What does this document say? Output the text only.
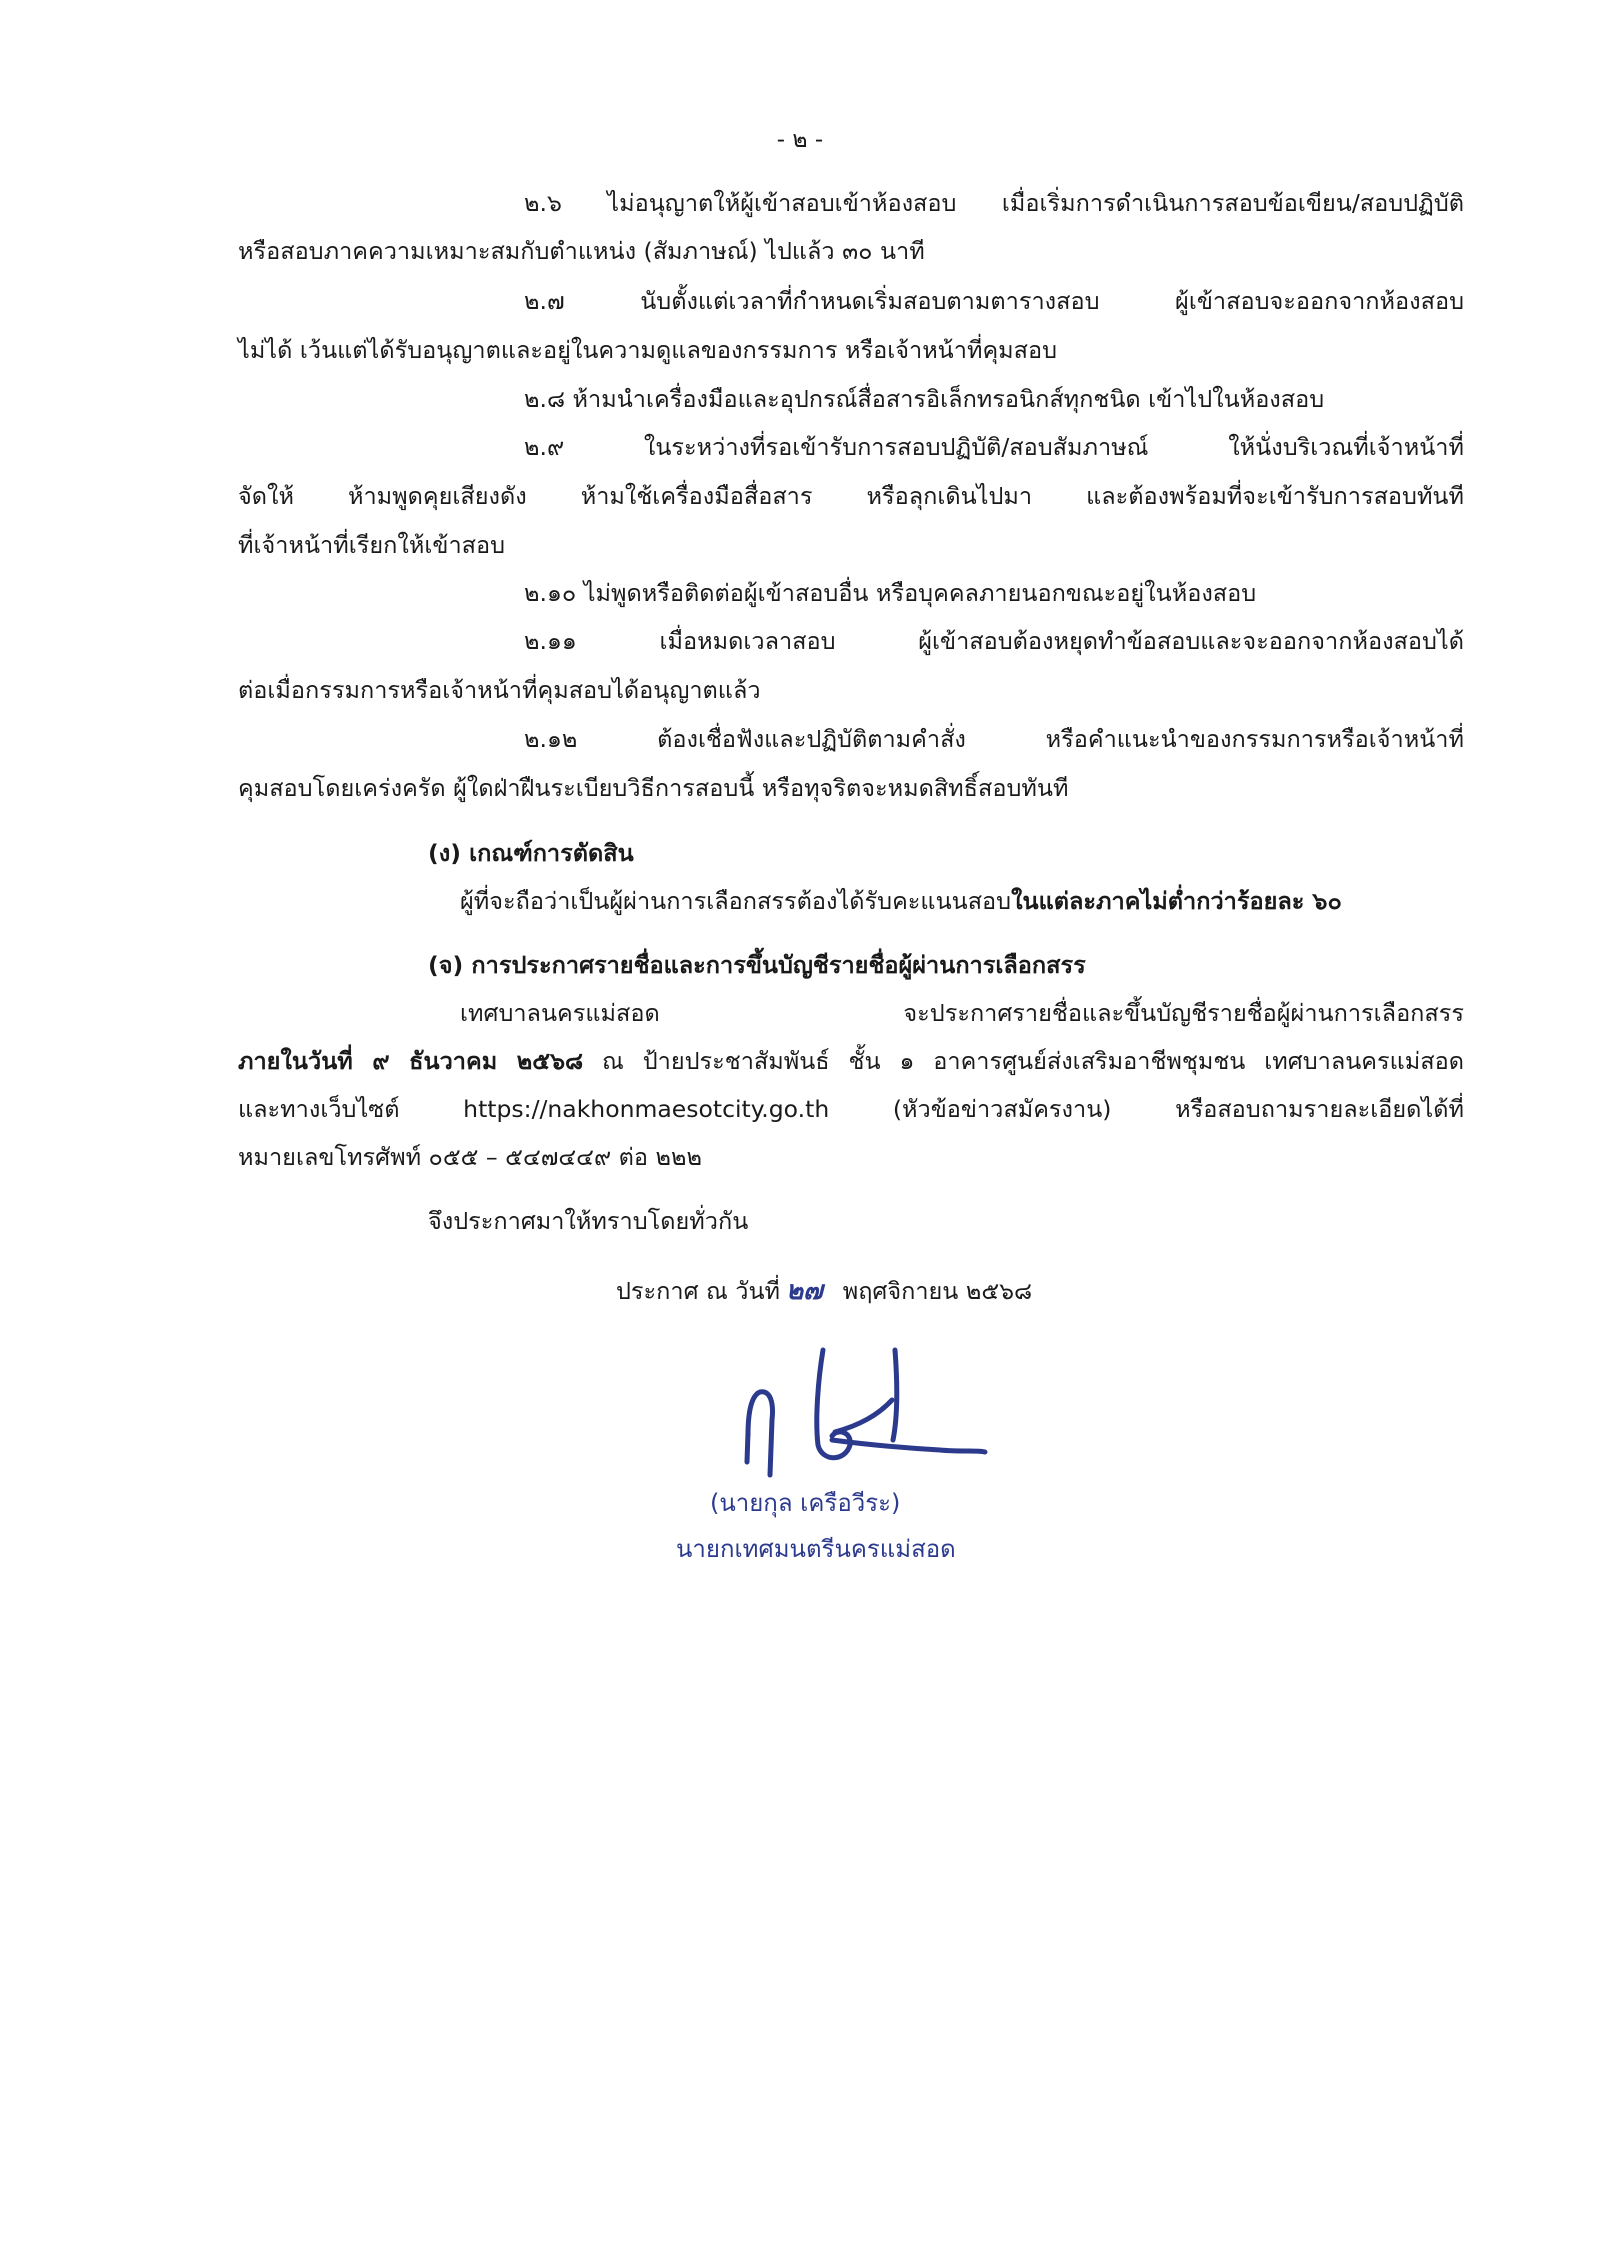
- ๒ -
๒.๖ ไม่อนุญาตให้ผู้เข้าสอบเข้าห้องสอบ เมื่อเริ่มการดำเนินการสอบข้อเขียน/สอบปฏิบัติ
หรือสอบภาคความเหมาะสมกับตำแหน่ง (สัมภาษณ์) ไปแล้ว ๓๐ นาที
๒.๗ นับตั้งแต่เวลาที่กำหนดเริ่มสอบตามตารางสอบ ผู้เข้าสอบจะออกจากห้องสอบ
ไม่ได้ เว้นแต่ได้รับอนุญาตและอยู่ในความดูแลของกรรมการ หรือเจ้าหน้าที่คุมสอบ
๒.๘ ห้ามนำเครื่องมือและอุปกรณ์สื่อสารอิเล็กทรอนิกส์ทุกชนิด เข้าไปในห้องสอบ
๒.๙ ในระหว่างที่รอเข้ารับการสอบปฏิบัติ/สอบสัมภาษณ์ ให้นั่งบริเวณที่เจ้าหน้าที่
จัดให้ ห้ามพูดคุยเสียงดัง ห้ามใช้เครื่องมือสื่อสาร หรือลุกเดินไปมา และต้องพร้อมที่จะเข้ารับการสอบทันที
ที่เจ้าหน้าที่เรียกให้เข้าสอบ
๒.๑๐ ไม่พูดหรือติดต่อผู้เข้าสอบอื่น หรือบุคคลภายนอกขณะอยู่ในห้องสอบ
๒.๑๑ เมื่อหมดเวลาสอบ ผู้เข้าสอบต้องหยุดทำข้อสอบและจะออกจากห้องสอบได้
ต่อเมื่อกรรมการหรือเจ้าหน้าที่คุมสอบได้อนุญาตแล้ว
๒.๑๒ ต้องเชื่อฟังและปฏิบัติตามคำสั่ง หรือคำแนะนำของกรรมการหรือเจ้าหน้าที่
คุมสอบโดยเคร่งครัด ผู้ใดฝ่าฝืนระเบียบวิธีการสอบนี้ หรือทุจริตจะหมดสิทธิ์สอบทันที
(ง) เกณฑ์การตัดสิน
ผู้ที่จะถือว่าเป็นผู้ผ่านการเลือกสรรต้องได้รับคะแนนสอบในแต่ละภาคไม่ต่ำกว่าร้อยละ ๖๐
(จ) การประกาศรายชื่อและการขึ้นบัญชีรายชื่อผู้ผ่านการเลือกสรร
เทศบาลนครแม่สอด จะประกาศรายชื่อและขึ้นบัญชีรายชื่อผู้ผ่านการเลือกสรร
ภายในวันที่ ๙ ธันวาคม ๒๕๖๘ ณ ป้ายประชาสัมพันธ์ ชั้น ๑ อาคารศูนย์ส่งเสริมอาชีพชุมชน เทศบาลนครแม่สอด
และทางเว็บไซต์ https://nakhonmaesotcity.go.th (หัวข้อข่าวสมัครงาน) หรือสอบถามรายละเอียดได้ที่
หมายเลขโทรศัพท์ ๐๕๕ – ๕๔๗๔๔๙ ต่อ ๒๒๒
จึงประกาศมาให้ทราบโดยทั่วกัน
ประกาศ ณ วันที่ ๒๗ พฤศจิกายน ๒๕๖๘
(นายกุล เครือวีระ)
นายกเทศมนตรีนครแม่สอด
